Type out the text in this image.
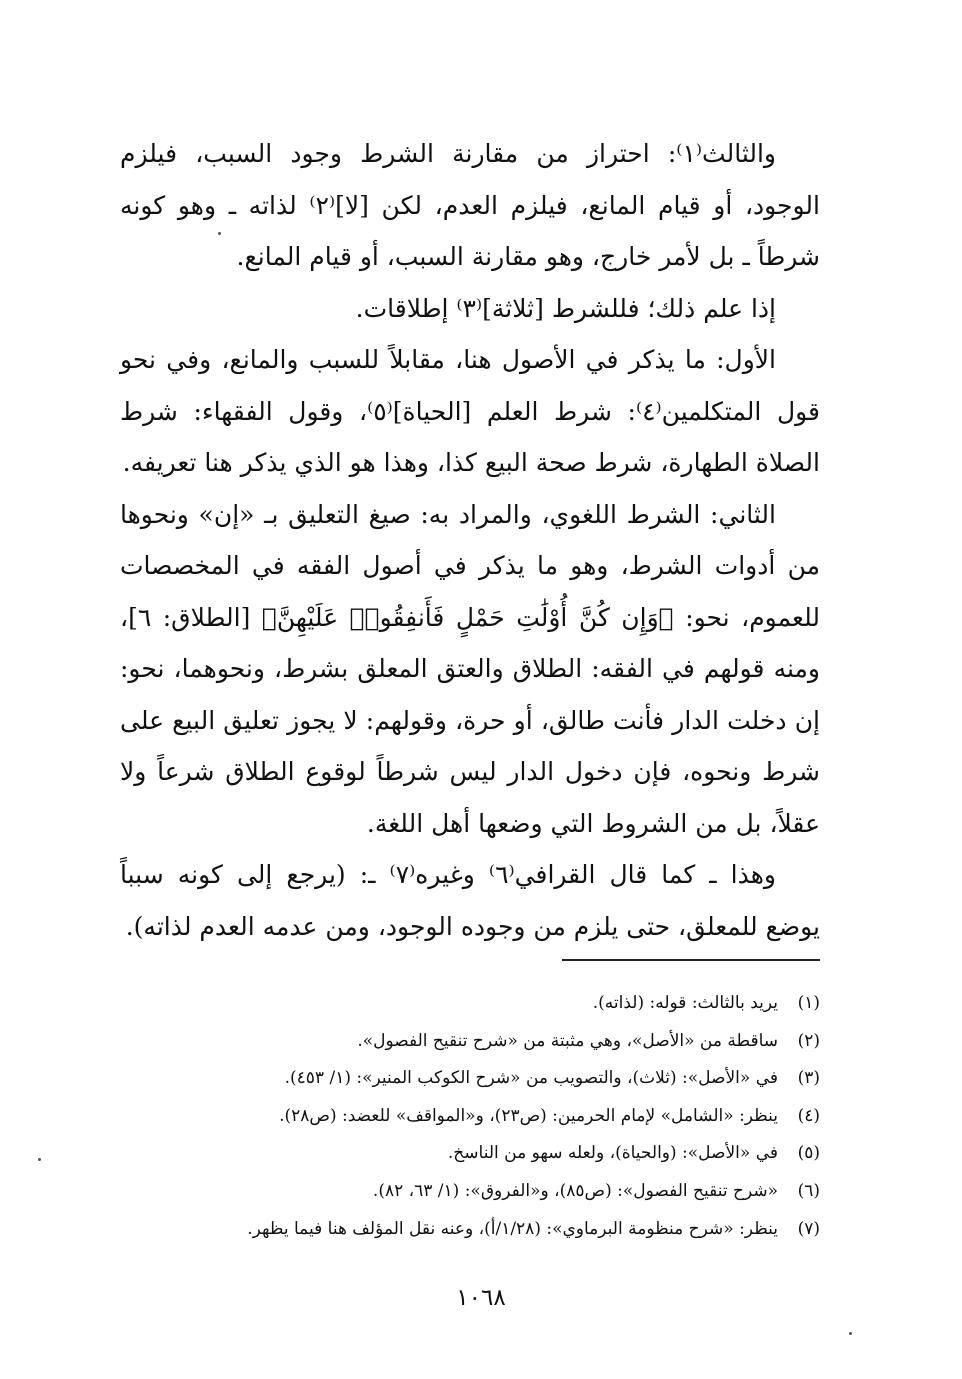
والثالث⁽١⁾: احتراز من مقارنة الشرط وجود السبب، فيلزم الوجود، أو قيام المانع، فيلزم العدم، لكن [لا]⁽٢⁾ لذاته ـ وهو كونه شرطاً ـ بل لأمر خارج، وهو مقارنة السبب، أو قيام المانع.

إذا علم ذلك؛ فللشرط [ثلاثة]⁽٣⁾ إطلاقات.

الأول: ما يذكر في الأصول هنا، مقابلاً للسبب والمانع، وفي نحو قول المتكلمين⁽٤⁾: شرط العلم [الحياة]⁽٥⁾، وقول الفقهاء: شرط الصلاة الطهارة، شرط صحة البيع كذا، وهذا هو الذي يذكر هنا تعريفه.

الثاني: الشرط اللغوي، والمراد به: صيغ التعليق بـ «إن» ونحوها من أدوات الشرط، وهو ما يذكر في أصول الفقه في المخصصات للعموم، نحو: ﴿وَإِن كُنَّ أُوْلَٰتِ حَمْلٍ فَأَنفِقُوا۟ عَلَيْهِنَّ﴾ [الطلاق: ٦]، ومنه قولهم في الفقه: الطلاق والعتق المعلق بشرط، ونحوهما، نحو: إن دخلت الدار فأنت طالق، أو حرة، وقولهم: لا يجوز تعليق البيع على شرط ونحوه، فإن دخول الدار ليس شرطاً لوقوع الطلاق شرعاً ولا عقلاً، بل من الشروط التي وضعها أهل اللغة.

وهذا ـ كما قال القرافي⁽٦⁾ وغيره⁽٧⁾ ـ: (يرجع إلى كونه سبباً يوضع للمعلق، حتى يلزم من وجوده الوجود، ومن عدمه العدم لذاته).

(١)
يريد بالثالث: قوله: (لذاته).
(٢)
ساقطة من «الأصل»، وهي مثبتة من «شرح تنقيح الفصول».
(٣)
في «الأصل»: (ثلاث)، والتصويب من «شرح الكوكب المنير»: (١/ ٤٥٣).
(٤)
ينظر: «الشامل» لإمام الحرمين: (ص٢٣)، و«المواقف» للعضد: (ص٢٨).
(٥)
في «الأصل»: (والحياة)، ولعله سهو من الناسخ.
(٦)
«شرح تنقيح الفصول»: (ص٨٥)، و«الفروق»: (١/ ٦٣، ٨٢).
(٧)
ينظر: «شرح منظومة البرماوي»: (١/٢٨/أ)، وعنه نقل المؤلف هنا فيما يظهر.
١٠٦٨
